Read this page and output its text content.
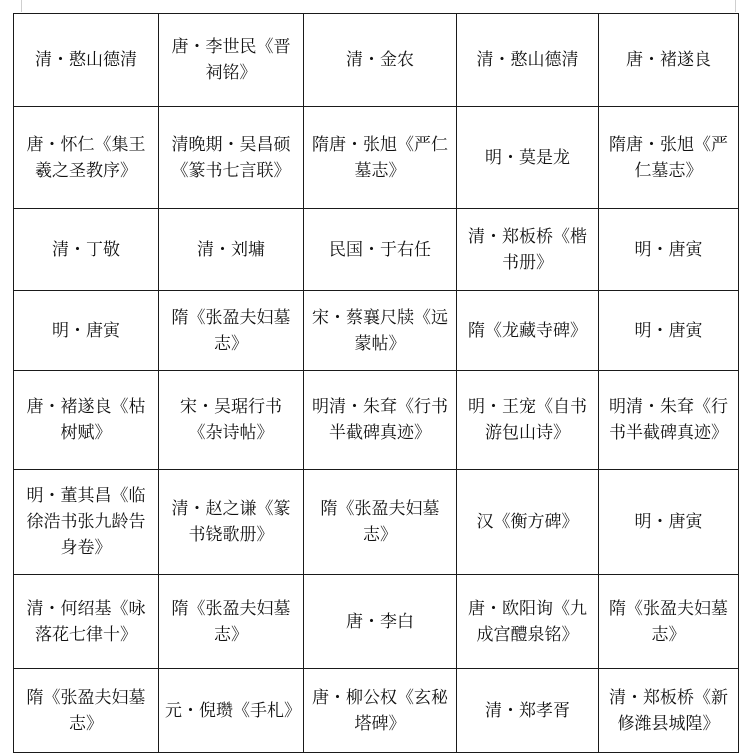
清・憨山德清	唐・李世民《晋祠铭》	清・金农	清・憨山德清	唐・褚遂良
唐・怀仁《集王羲之圣教序》	清晚期・吴昌硕《篆书七言联》	隋唐・张旭《严仁墓志》	明・莫是龙	隋唐・张旭《严仁墓志》
清・丁敬	清・刘墉	民国・于右任	清・郑板桥《楷书册》	明・唐寅
明・唐寅	隋《张盈夫妇墓志》	宋・蔡襄尺牍《远蒙帖》	隋《龙藏寺碑》	明・唐寅
唐・褚遂良《枯树赋》	宋・吴琚行书《杂诗帖》	明清・朱耷《行书半截碑真迹》	明・王宠《自书游包山诗》	明清・朱耷《行书半截碑真迹》
明・董其昌《临徐浩书张九龄告身卷》	清・赵之谦《篆书铙歌册》	隋《张盈夫妇墓志》	汉《衡方碑》	明・唐寅
清・何绍基《咏落花七律十》	隋《张盈夫妇墓志》	唐・李白	唐・欧阳询《九成宫醴泉铭》	隋《张盈夫妇墓志》
隋《张盈夫妇墓志》	元・倪瓒《手札》	唐・柳公权《玄秘塔碑》	清・郑孝胥	清・郑板桥《新修潍县城隍》
